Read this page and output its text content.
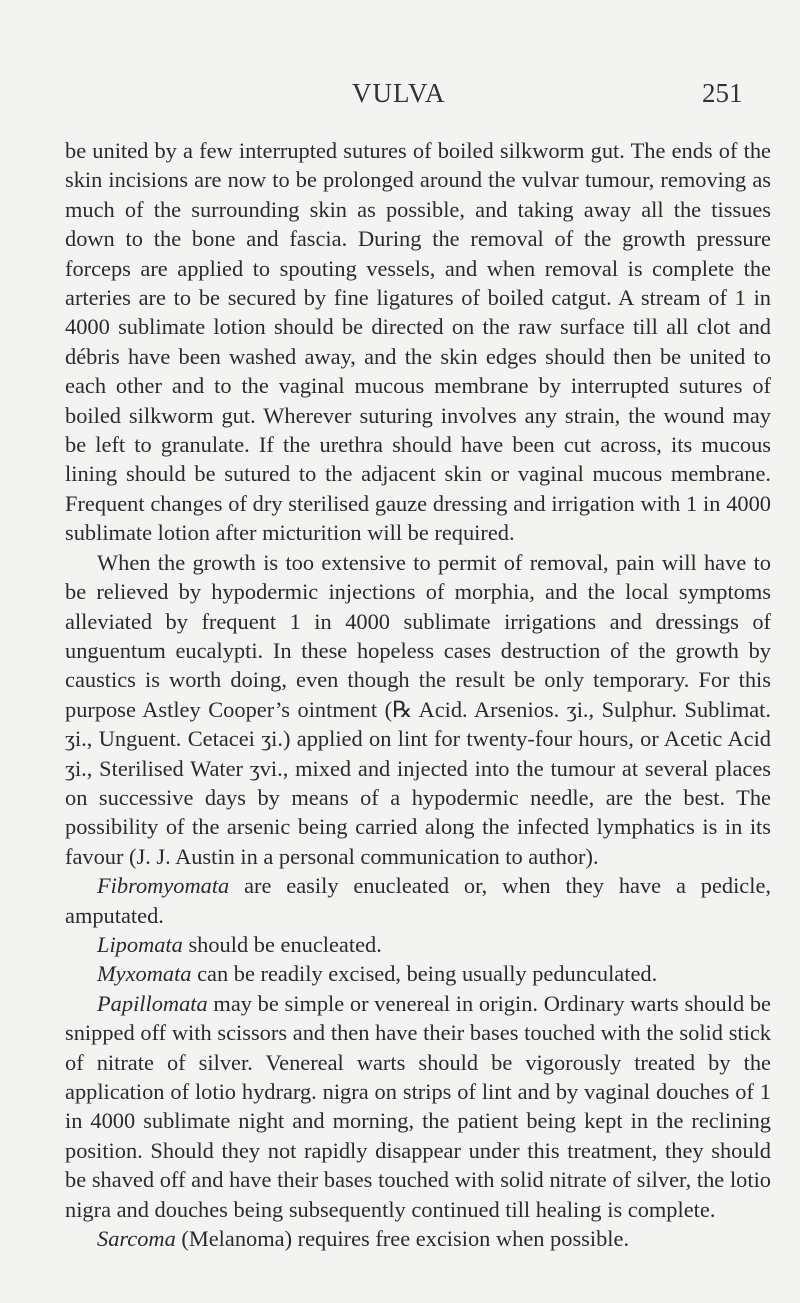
VULVA	251

be united by a few interrupted sutures of boiled silkworm gut. The ends of the skin incisions are now to be prolonged around the vulvar tumour, removing as much of the surrounding skin as possible, and taking away all the tissues down to the bone and fascia. During the removal of the growth pressure forceps are applied to spouting vessels, and when removal is complete the arteries are to be secured by fine ligatures of boiled catgut. A stream of 1 in 4000 sublimate lotion should be directed on the raw surface till all clot and débris have been washed away, and the skin edges should then be united to each other and to the vaginal mucous membrane by interrupted sutures of boiled silkworm gut. Wherever suturing involves any strain, the wound may be left to granulate. If the urethra should have been cut across, its mucous lining should be sutured to the adjacent skin or vaginal mucous membrane. Frequent changes of dry sterilised gauze dressing and irrigation with 1 in 4000 sublimate lotion after micturition will be required.

When the growth is too extensive to permit of removal, pain will have to be relieved by hypodermic injections of morphia, and the local symptoms alleviated by frequent 1 in 4000 sublimate irrigations and dressings of unguentum eucalypti. In these hopeless cases destruction of the growth by caustics is worth doing, even though the result be only temporary. For this purpose Astley Cooper’s ointment (℞ Acid. Arsenios. ʒi., Sulphur. Sublimat. ʒi., Unguent. Cetacei ʒi.) applied on lint for twenty-four hours, or Acetic Acid ʒi., Sterilised Water ʒvi., mixed and injected into the tumour at several places on successive days by means of a hypodermic needle, are the best. The possibility of the arsenic being carried along the infected lymphatics is in its favour (J. J. Austin in a personal communication to author).

Fibromyomata are easily enucleated or, when they have a pedicle, amputated.

Lipomata should be enucleated.

Myxomata can be readily excised, being usually pedunculated.

Papillomata may be simple or venereal in origin. Ordinary warts should be snipped off with scissors and then have their bases touched with the solid stick of nitrate of silver. Venereal warts should be vigorously treated by the application of lotio hydrarg. nigra on strips of lint and by vaginal douches of 1 in 4000 sublimate night and morning, the patient being kept in the reclining position. Should they not rapidly disappear under this treatment, they should be shaved off and have their bases touched with solid nitrate of silver, the lotio nigra and douches being subsequently continued till healing is complete.

Sarcoma (Melanoma) requires free excision when possible.
